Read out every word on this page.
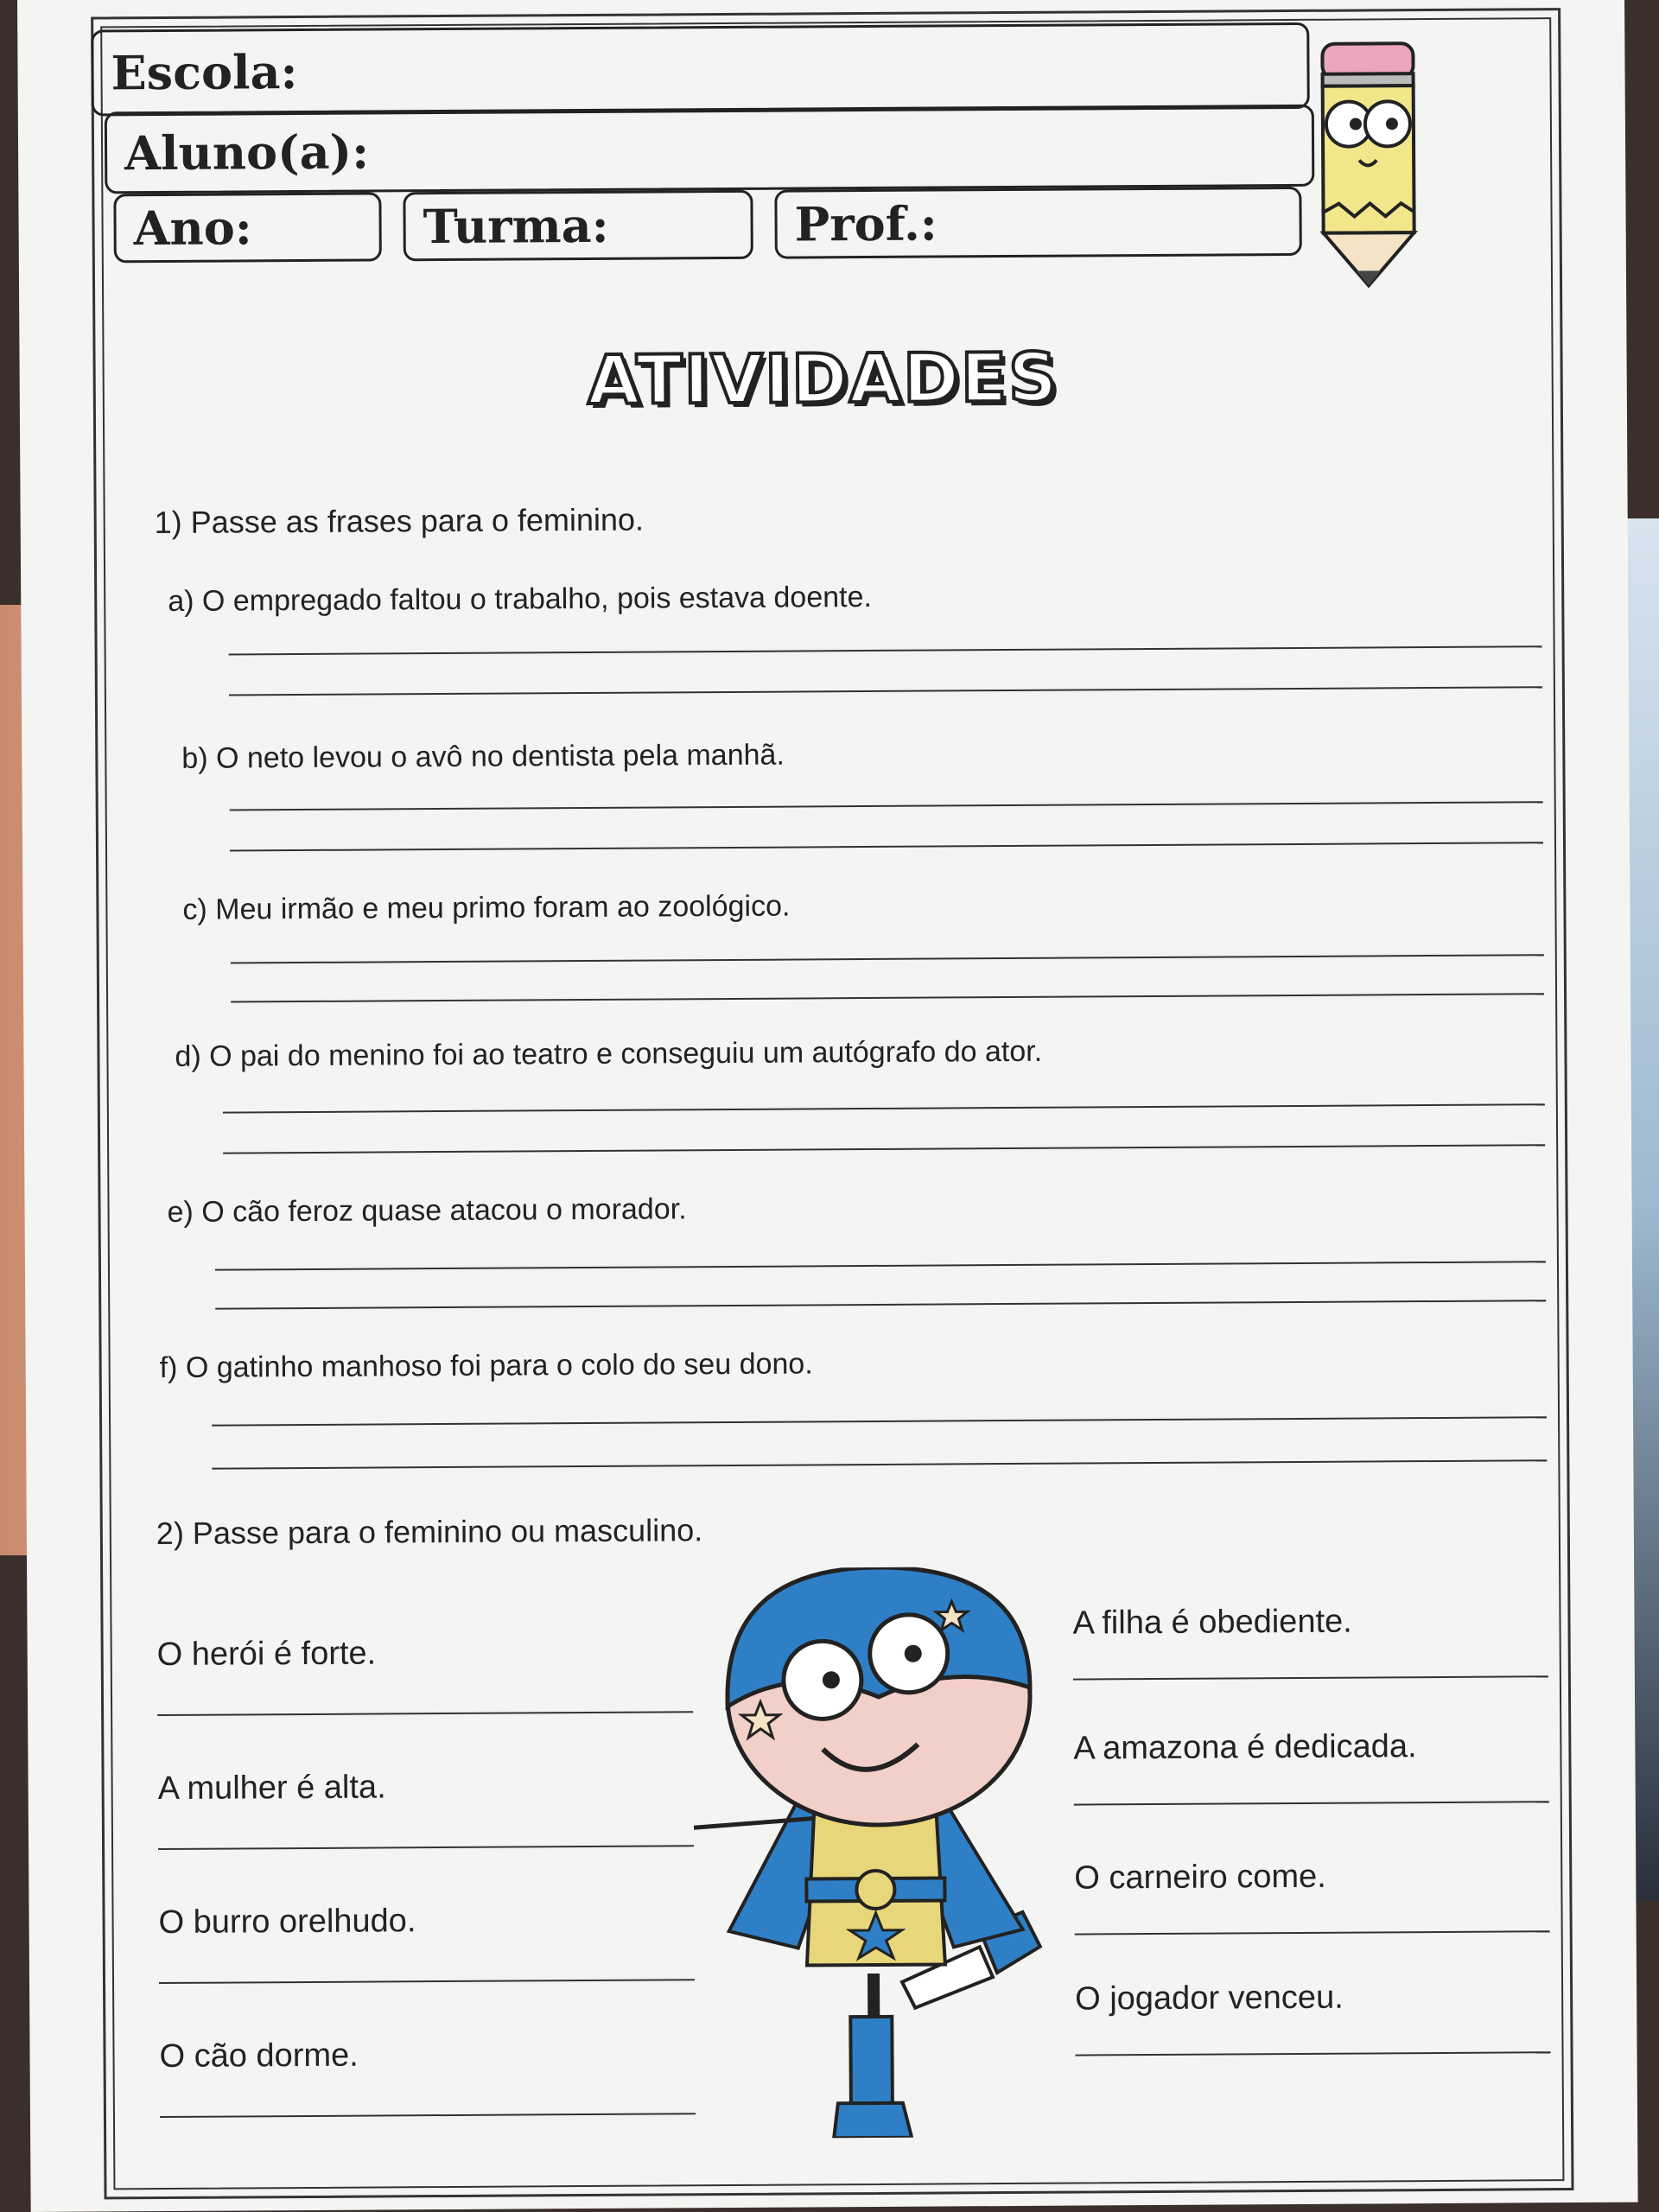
Escola:
Aluno(a):
Ano:	Turma:	Prof.:
ATIVIDADES
1) Passe as frases para o feminino.
a) O empregado faltou o trabalho, pois estava doente.
b) O neto levou o avô no dentista pela manhã.
c) Meu irmão e meu primo foram ao zoológico.
d) O pai do menino foi ao teatro e conseguiu um autógrafo do ator.
e) O cão feroz quase atacou o morador.
f) O gatinho manhoso foi para o colo do seu dono.
2) Passe para o feminino ou masculino.
O herói é forte.
A mulher é alta.
O burro orelhudo.
O cão dorme.
A filha é obediente.
A amazona é dedicada.
O carneiro come.
O jogador venceu.
